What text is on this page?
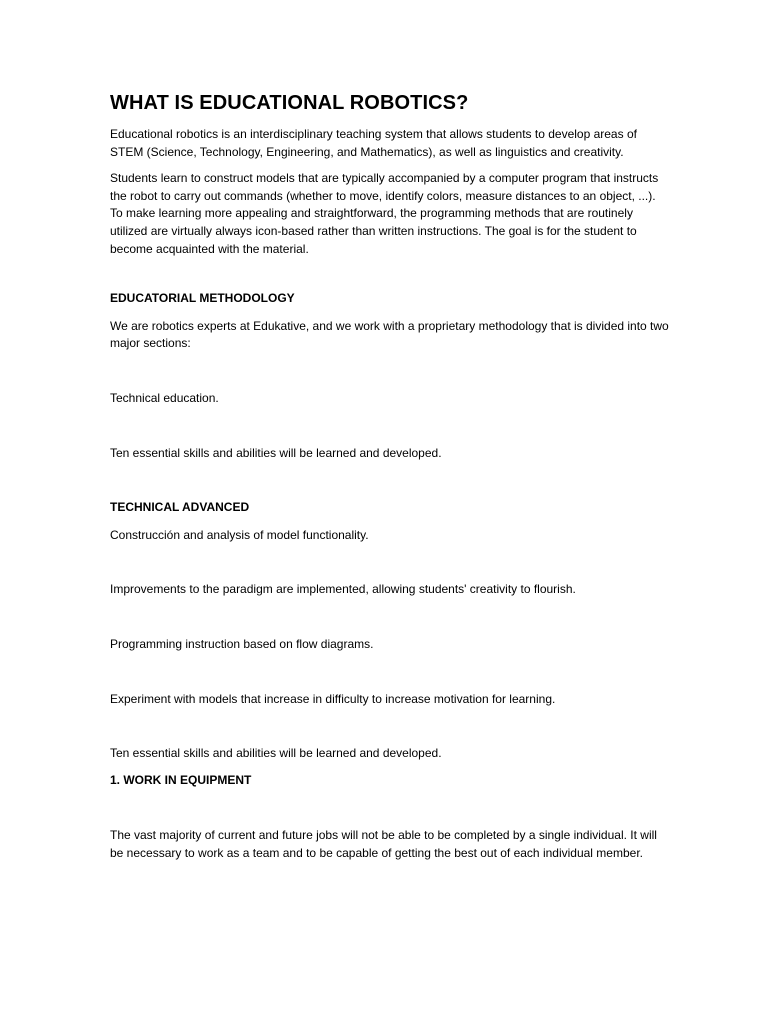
WHAT IS EDUCATIONAL ROBOTICS?

Educational robotics is an interdisciplinary teaching system that allows students to develop areas of STEM (Science, Technology, Engineering, and Mathematics), as well as linguistics and creativity.

Students learn to construct models that are typically accompanied by a computer program that instructs the robot to carry out commands (whether to move, identify colors, measure distances to an object, ...). To make learning more appealing and straightforward, the programming methods that are routinely utilized are virtually always icon-based rather than written instructions. The goal is for the student to become acquainted with the material.

EDUCATORIAL METHODOLOGY

We are robotics experts at Edukative, and we work with a proprietary methodology that is divided into two major sections:

Technical education.

Ten essential skills and abilities will be learned and developed.

TECHNICAL ADVANCED

Construcción and analysis of model functionality.

Improvements to the paradigm are implemented, allowing students' creativity to flourish.

Programming instruction based on flow diagrams.

Experiment with models that increase in difficulty to increase motivation for learning.

Ten essential skills and abilities will be learned and developed.

1. WORK IN EQUIPMENT

The vast majority of current and future jobs will not be able to be completed by a single individual. It will be necessary to work as a team and to be capable of getting the best out of each individual member.
